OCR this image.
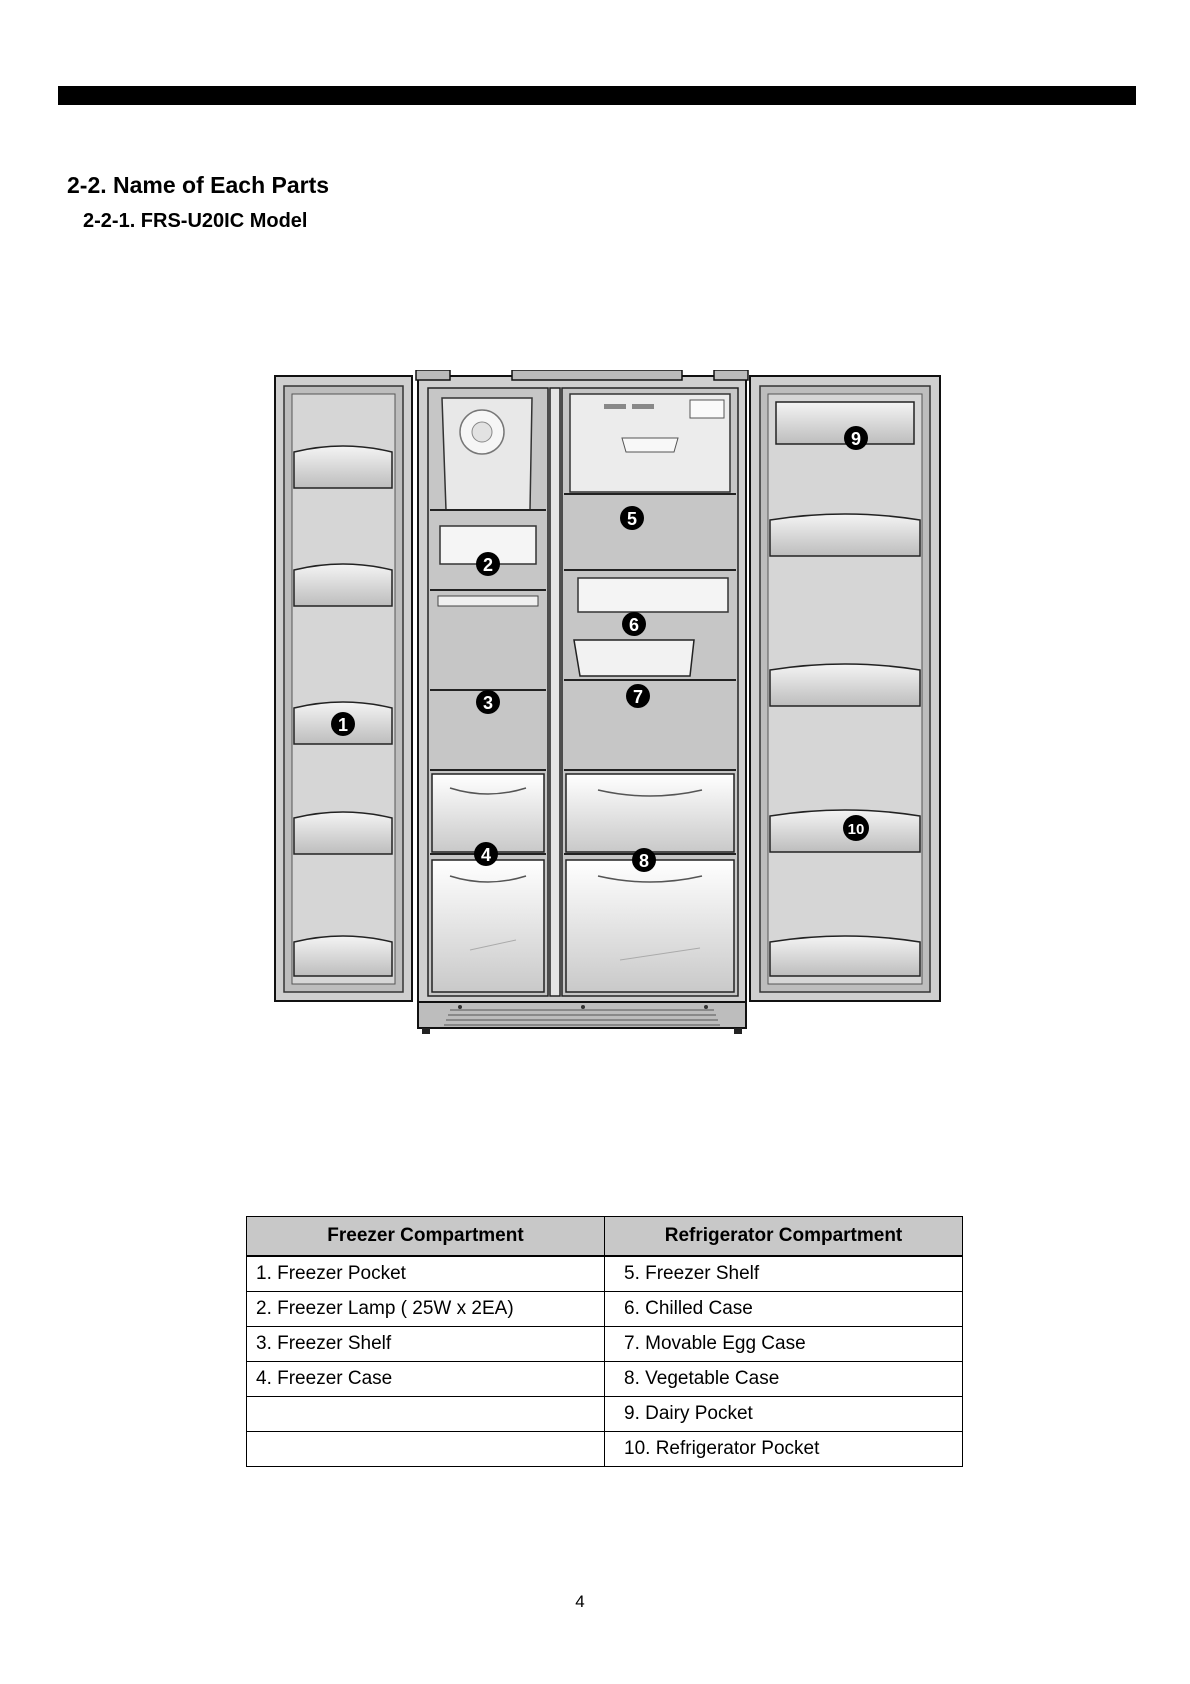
2-2. Name of Each Parts
2-2-1. FRS-U20IC Model
1
2
3
4
5
6
7
8
9
10
Freezer Compartment	Refrigerator Compartment
1. Freezer Pocket	5. Freezer Shelf
2. Freezer Lamp ( 25W x 2EA)	6. Chilled Case
3. Freezer Shelf	7. Movable Egg Case
4. Freezer Case	8. Vegetable Case
	9. Dairy Pocket
	10. Refrigerator Pocket
4
